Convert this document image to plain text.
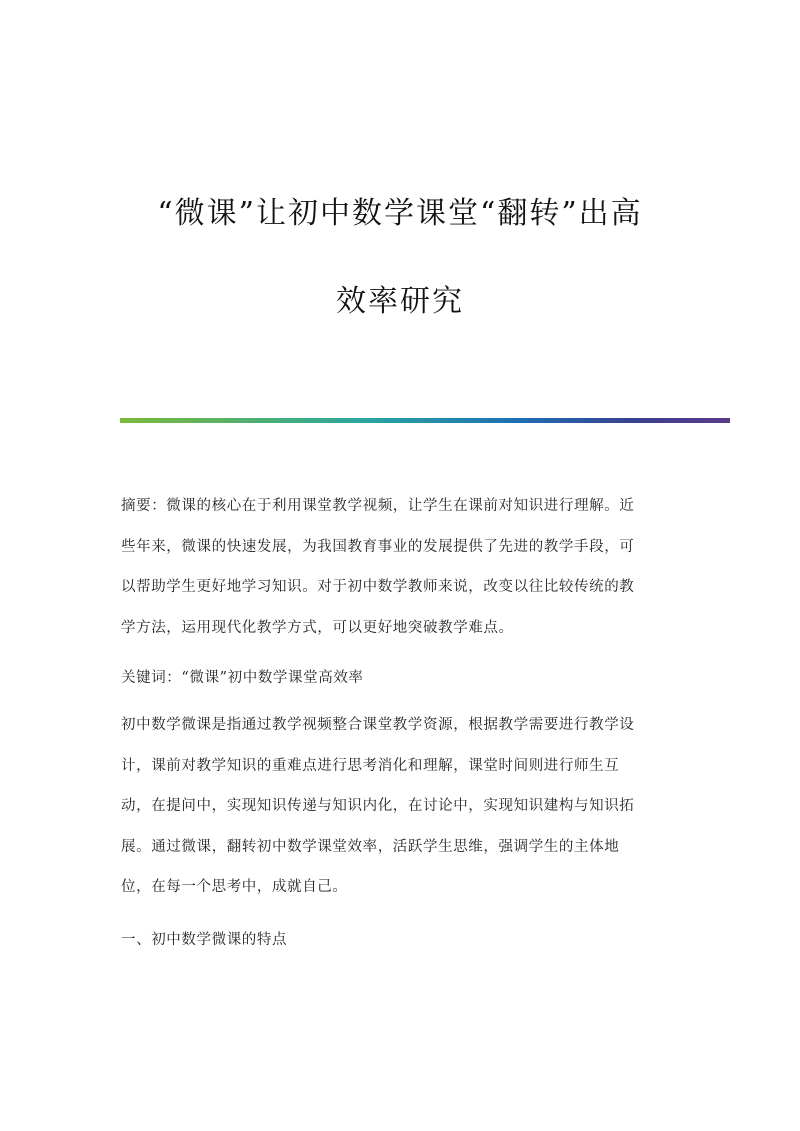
“微课”让初中数学课堂“翻转”出高
效率研究
摘要：微课的核心在于利用课堂教学视频，让学生在课前对知识进行理解。近
些年来，微课的快速发展，为我国教育事业的发展提供了先进的教学手段，可
以帮助学生更好地学习知识。对于初中数学教师来说，改变以往比较传统的教
学方法，运用现代化教学方式，可以更好地突破教学难点。
关键词：“微课”初中数学课堂高效率
初中数学微课是指通过教学视频整合课堂教学资源，根据教学需要进行教学设
计，课前对教学知识的重难点进行思考消化和理解，课堂时间则进行师生互
动，在提问中，实现知识传递与知识内化，在讨论中，实现知识建构与知识拓
展。通过微课，翻转初中数学课堂效率，活跃学生思维，强调学生的主体地
位，在每一个思考中，成就自己。
一、初中数学微课的特点
